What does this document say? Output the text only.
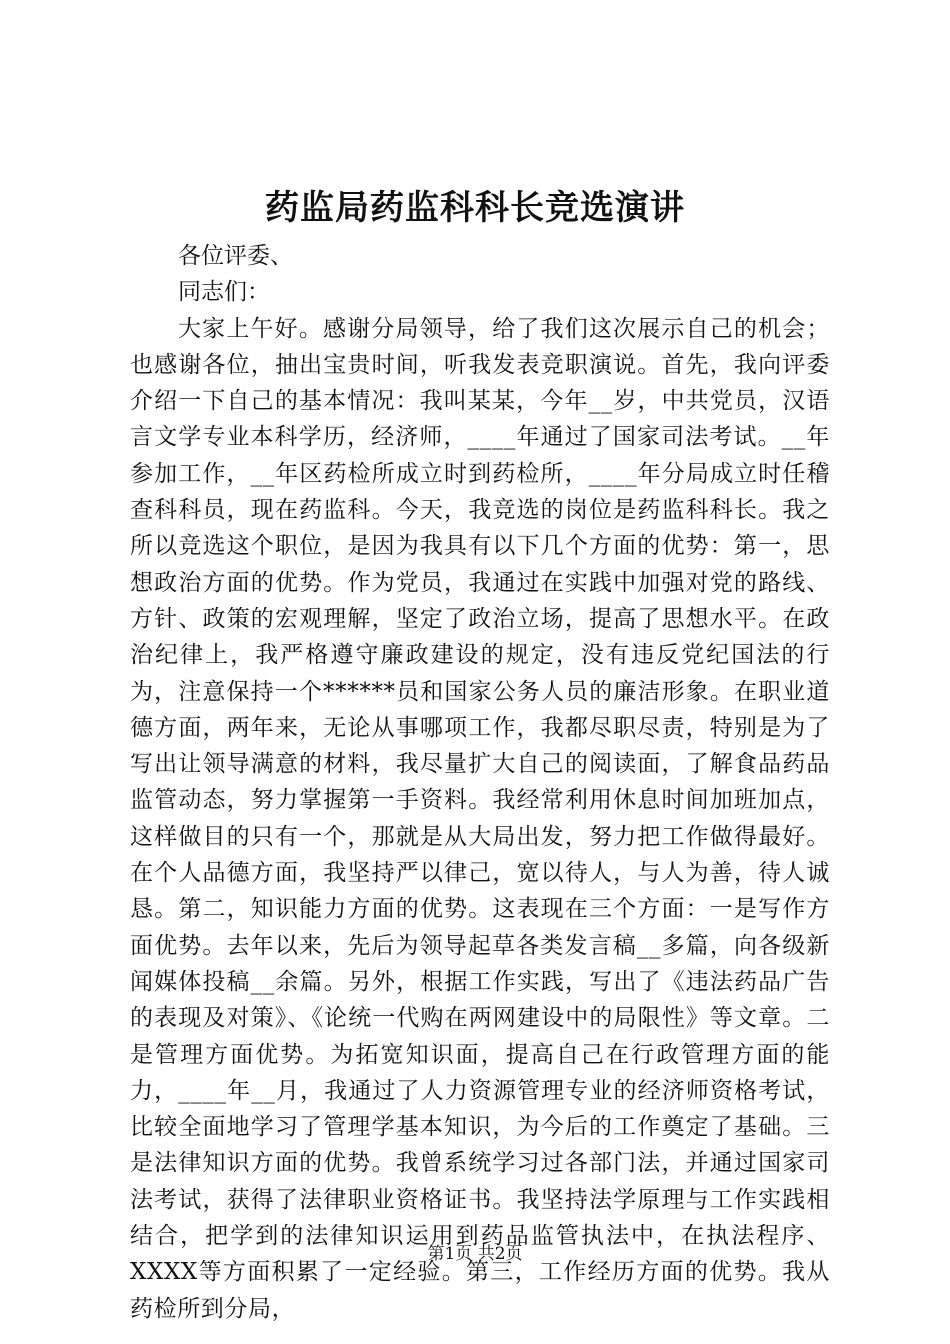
药监局药监科科长竞选演讲

各位评委、

同志们：

大家上午好。感谢分局领导，给了我们这次展示自己的机会；也感谢各位，抽出宝贵时间，听我发表竞职演说。首先，我向评委介绍一下自己的基本情况：我叫某某，今年__岁，中共党员，汉语言文学专业本科学历，经济师，____年通过了国家司法考试。__年参加工作，__年区药检所成立时到药检所，____年分局成立时任稽查科科员，现在药监科。今天，我竞选的岗位是药监科科长。我之所以竞选这个职位，是因为我具有以下几个方面的优势：第一，思想政治方面的优势。作为党员，我通过在实践中加强对党的路线、方针、政策的宏观理解，坚定了政治立场，提高了思想水平。在政治纪律上，我严格遵守廉政建设的规定，没有违反党纪国法的行为，注意保持一个******员和国家公务人员的廉洁形象。在职业道德方面，两年来，无论从事哪项工作，我都尽职尽责，特别是为了写出让领导满意的材料，我尽量扩大自己的阅读面，了解食品药品监管动态，努力掌握第一手资料。我经常利用休息时间加班加点，这样做目的只有一个，那就是从大局出发，努力把工作做得最好。在个人品德方面，我坚持严以律己，宽以待人，与人为善，待人诚恳。第二，知识能力方面的优势。这表现在三个方面：一是写作方面优势。去年以来，先后为领导起草各类发言稿__多篇，向各级新闻媒体投稿__余篇。另外，根据工作实践，写出了《违法药品广告的表现及对策》、《论统一代购在两网建设中的局限性》等文章。二是管理方面优势。为拓宽知识面，提高自己在行政管理方面的能力，____年__月，我通过了人力资源管理专业的经济师资格考试，比较全面地学习了管理学基本知识，为今后的工作奠定了基础。三是法律知识方面的优势。我曾系统学习过各部门法，并通过国家司法考试，获得了法律职业资格证书。我坚持法学原理与工作实践相结合，把学到的法律知识运用到药品监管执法中，在执法程序、XXXX等方面积累了一定经验。第三，工作经历方面的优势。我从药检所到分局，

第1页 共2页
